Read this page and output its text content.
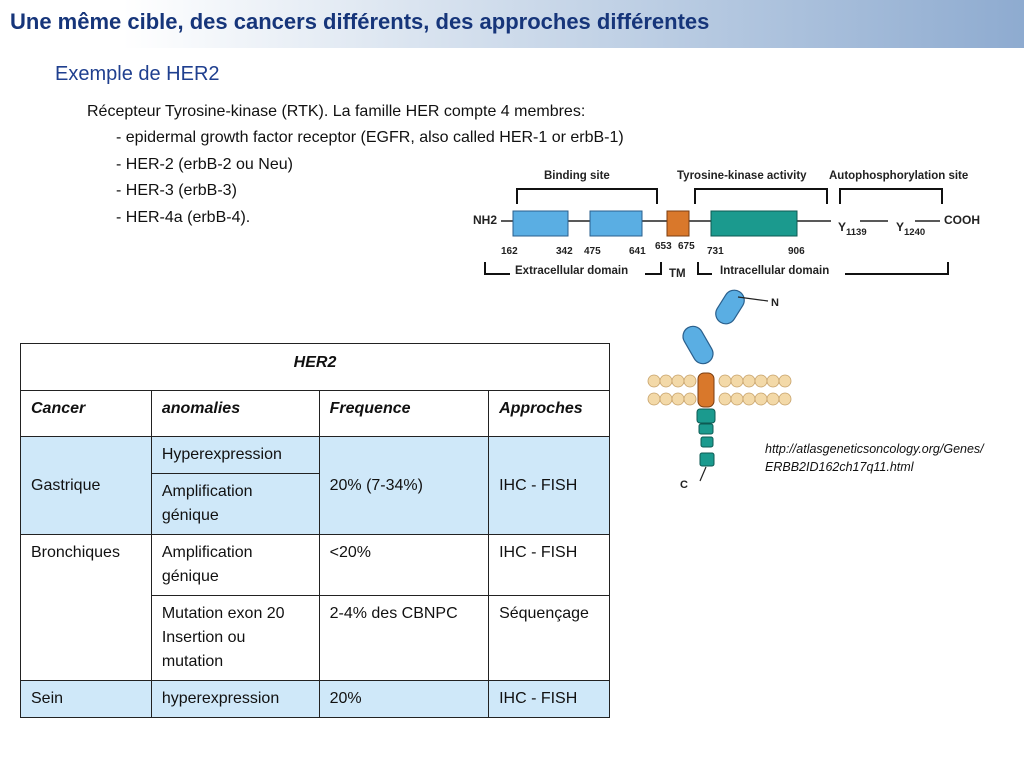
Une même cible, des cancers différents, des approches différentes
Exemple de HER2
Récepteur Tyrosine-kinase (RTK). La famille HER compte 4 membres:
- epidermal growth factor receptor (EGFR, also called HER-1 or erbB-1)
- HER-2 (erbB-2 ou Neu)
- HER-3 (erbB-3)
- HER-4a (erbB-4).
Binding site	Tyrosine-kinase activity Autophosphorylation site
NH2	$Y_{1139}$ $Y_{1240}$
COOH
162	342 475	641 653 675 731	906
Extracellular domain	TM	Intracellular domain
N
C
http://atlasgeneticsoncology.org/Genes/ERBB2ID162ch17q11.html
HER2			
Cancer	anomalies	Frequence	Approches
Gastrique	Hyperexpression	20% (7-34%)	IHC - FISH
	Amplification génique		
Bronchiques	Amplification génique	<20%	IHC - FISH
	Mutation exon 20 Insertion ou mutation	2-4% des CBNPC	Séquençage
Sein	hyperexpression	20%	IHC - FISH
